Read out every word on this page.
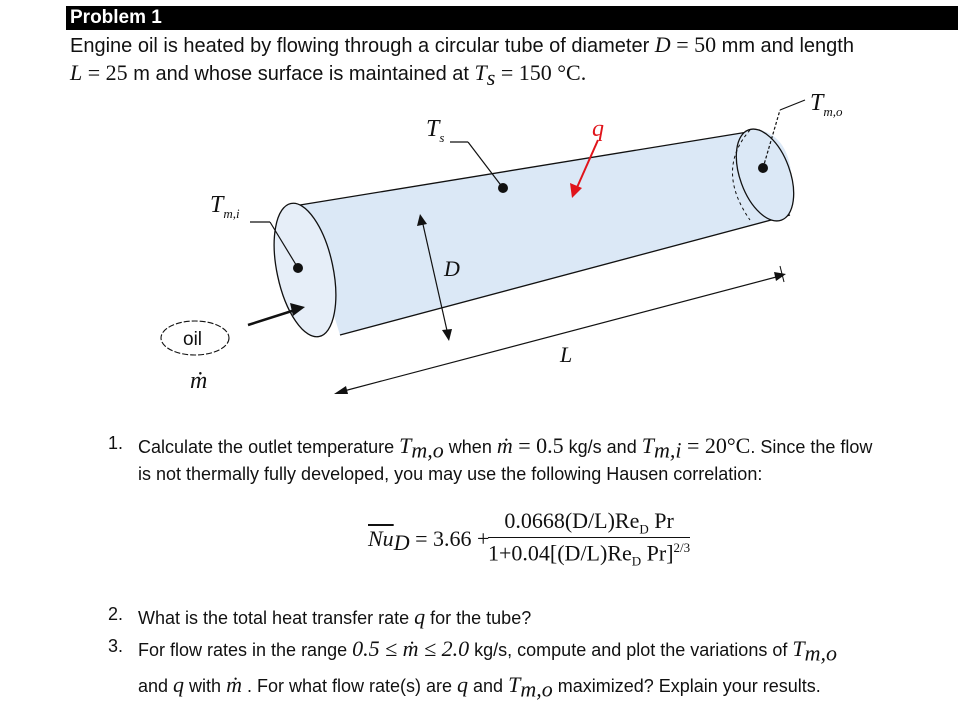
Problem 1
Engine oil is heated by flowing through a circular tube of diameter D = 50 mm and length
L = 25 m and whose surface is maintained at $T_s = 150$ °C.
$T_{m,i}$
$T_s$	q
$T_{m,o}$
D
L
oil
ṁ
1. Calculate the outlet temperature $T_{m,o}$ when ṁ = 0.5 kg/s and $T_{m,i} = 20^\circ C$. Since the flow
is not thermally fully developed, you may use the following Hausen correlation:
$\overline{Nu}_D = 3.66$ +
$0.0668(D/L)Re_D$ Pr
$1+0.04[(D/L)Re_D$ Pr]$^{2/3}$
2. What is the total heat transfer rate q for the tube?
3. For flow rates in the range 0.5 ≤ ṁ ≤ 2.0 kg/s, compute and plot the variations of $T_{m,o}$
and q with ṁ . For what flow rate(s) are q and $T_{m,o}$ maximized? Explain your results.
